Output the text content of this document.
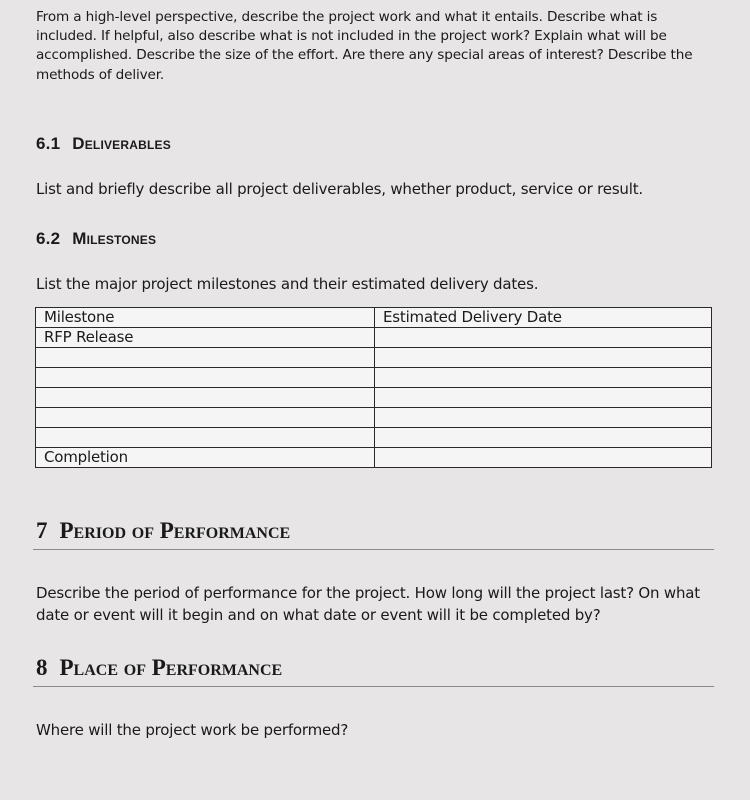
From a high-level perspective, describe the project work and what it entails. Describe what is included. If helpful, also describe what is not included in the project work? Explain what will be accomplished. Describe the size of the effort. Are there any special areas of interest? Describe the methods of deliver.

6.1 Deliverables

List and briefly describe all project deliverables, whether product, service or result.

6.2 Milestones

List the major project milestones and their estimated delivery dates.

Milestone	Estimated Delivery Date
RFP Release	

Completion	
7 Period of Performance

Describe the period of performance for the project. How long will the project last? On what date or event will it begin and on what date or event will it be completed by?

8 Place of Performance

Where will the project work be performed?
